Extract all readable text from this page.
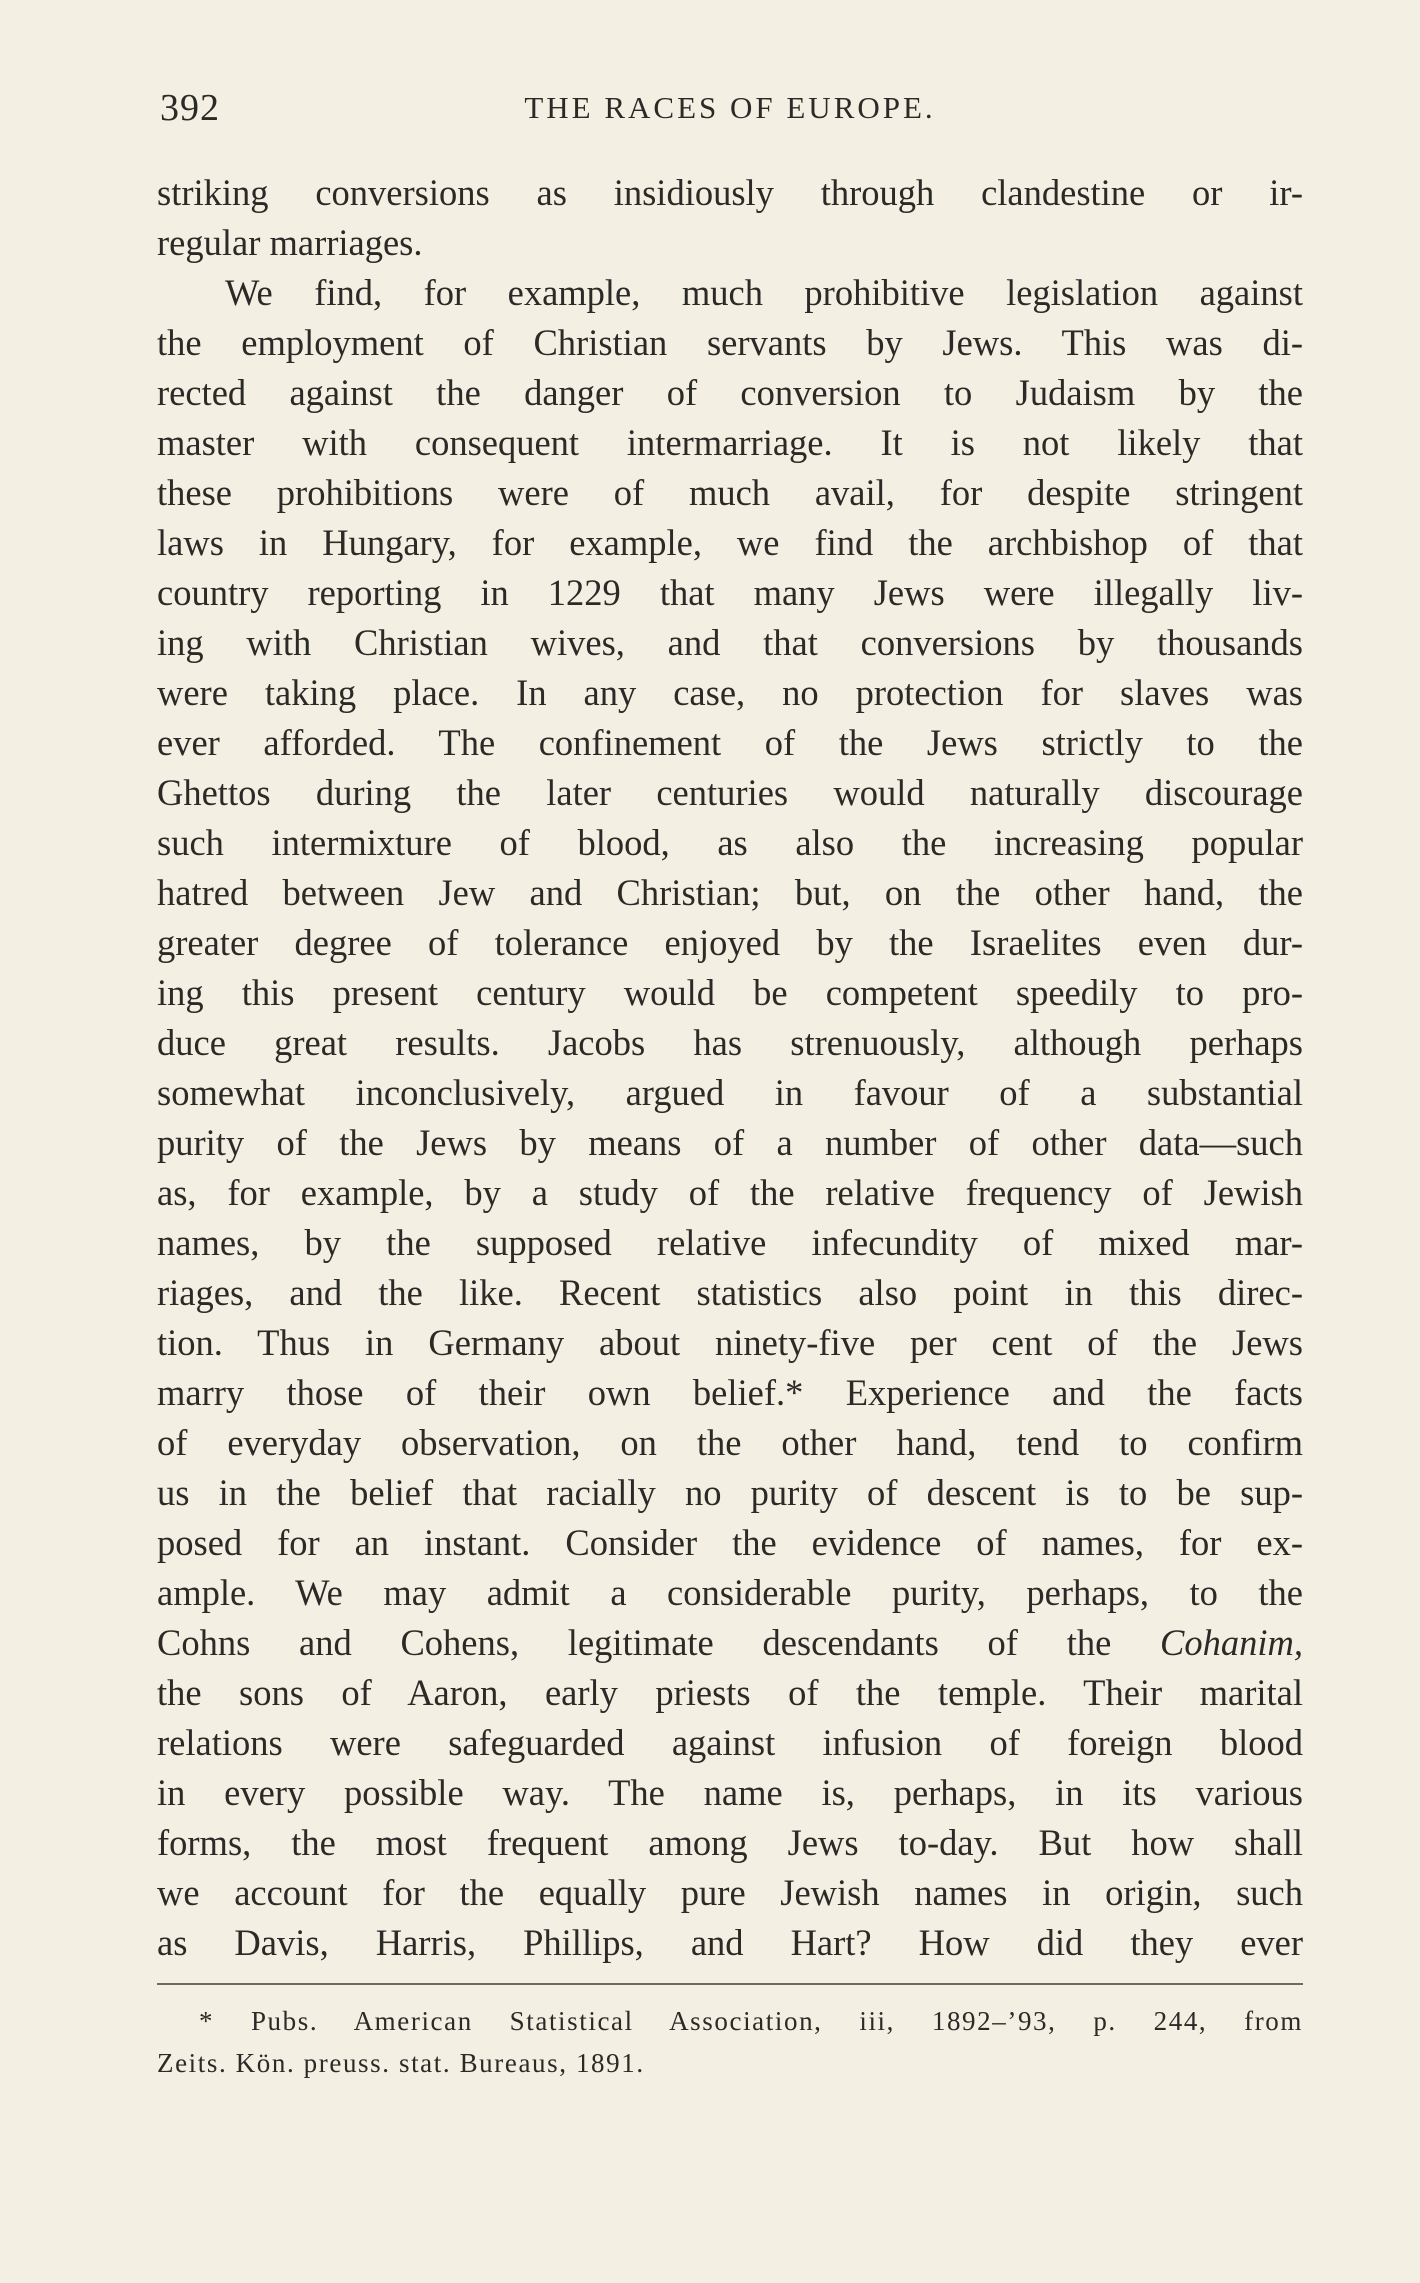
392	THE RACES OF EUROPE.
striking conversions as insidiously through clandestine or ir-
regular marriages.
We find, for example, much prohibitive legislation against
the employment of Christian servants by Jews. This was di-
rected against the danger of conversion to Judaism by the
master with consequent intermarriage. It is not likely that
these prohibitions were of much avail, for despite stringent
laws in Hungary, for example, we find the archbishop of that
country reporting in 1229 that many Jews were illegally liv-
ing with Christian wives, and that conversions by thousands
were taking place. In any case, no protection for slaves was
ever afforded. The confinement of the Jews strictly to the
Ghettos during the later centuries would naturally discourage
such intermixture of blood, as also the increasing popular
hatred between Jew and Christian; but, on the other hand, the
greater degree of tolerance enjoyed by the Israelites even dur-
ing this present century would be competent speedily to pro-
duce great results. Jacobs has strenuously, although perhaps
somewhat inconclusively, argued in favour of a substantial
purity of the Jews by means of a number of other data—such
as, for example, by a study of the relative frequency of Jewish
names, by the supposed relative infecundity of mixed mar-
riages, and the like. Recent statistics also point in this direc-
tion. Thus in Germany about ninety-five per cent of the Jews
marry those of their own belief.* Experience and the facts
of everyday observation, on the other hand, tend to confirm
us in the belief that racially no purity of descent is to be sup-
posed for an instant. Consider the evidence of names, for ex-
ample. We may admit a considerable purity, perhaps, to the
Cohns and Cohens, legitimate descendants of the Cohanim,
the sons of Aaron, early priests of the temple. Their marital
relations were safeguarded against infusion of foreign blood
in every possible way. The name is, perhaps, in its various
forms, the most frequent among Jews to-day. But how shall
we account for the equally pure Jewish names in origin, such
as Davis, Harris, Phillips, and Hart? How did they ever
* Pubs. American Statistical Association, iii, 1892–’93, p. 244, from
Zeits. Kön. preuss. stat. Bureaus, 1891.
